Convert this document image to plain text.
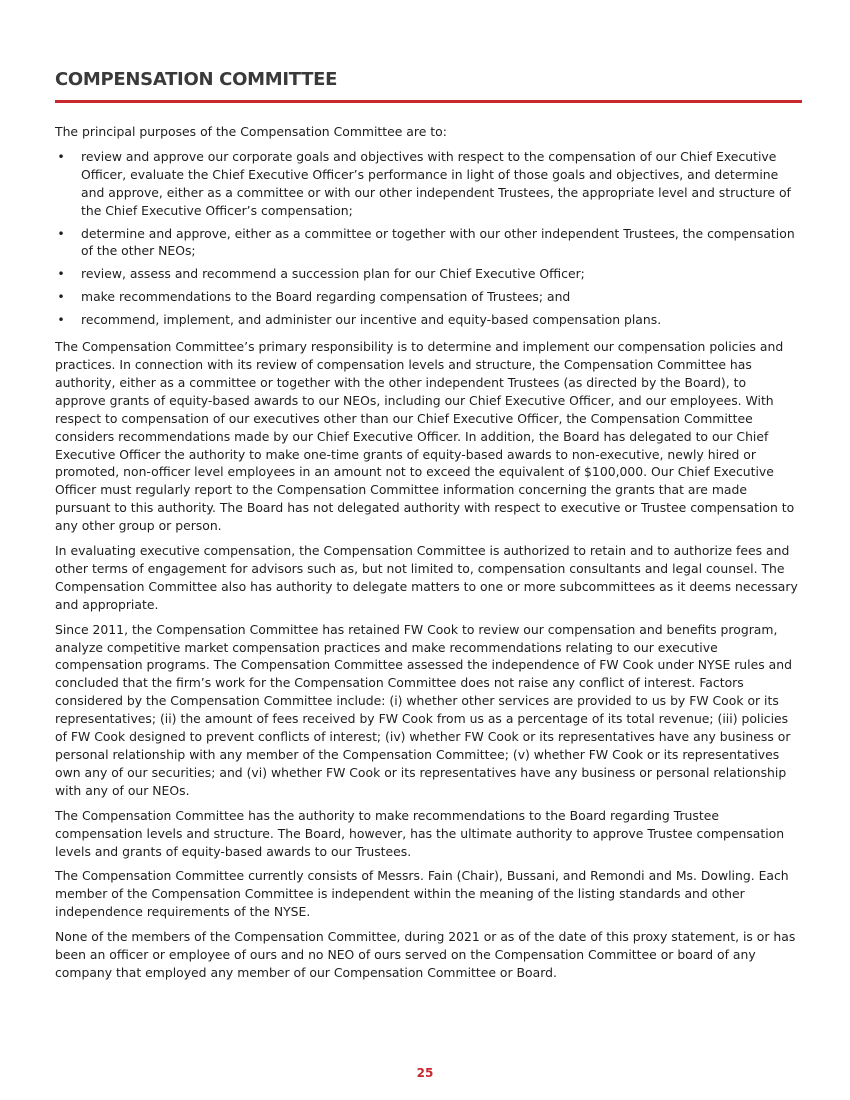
COMPENSATION COMMITTEE

The principal purposes of the Compensation Committee are to:

• review and approve our corporate goals and objectives with respect to the compensation of our Chief Executive Officer, evaluate the Chief Executive Officer’s performance in light of those goals and objectives, and determine and approve, either as a committee or with our other independent Trustees, the appropriate level and structure of the Chief Executive Officer’s compensation;
• determine and approve, either as a committee or together with our other independent Trustees, the compensation of the other NEOs;
• review, assess and recommend a succession plan for our Chief Executive Officer;
• make recommendations to the Board regarding compensation of Trustees; and
• recommend, implement, and administer our incentive and equity-based compensation plans.

The Compensation Committee’s primary responsibility is to determine and implement our compensation policies and practices. In connection with its review of compensation levels and structure, the Compensation Committee has authority, either as a committee or together with the other independent Trustees (as directed by the Board), to approve grants of equity-based awards to our NEOs, including our Chief Executive Officer, and our employees. With respect to compensation of our executives other than our Chief Executive Officer, the Compensation Committee considers recommendations made by our Chief Executive Officer. In addition, the Board has delegated to our Chief Executive Officer the authority to make one-time grants of equity-based awards to non-executive, newly hired or promoted, non-officer level employees in an amount not to exceed the equivalent of $100,000. Our Chief Executive Officer must regularly report to the Compensation Committee information concerning the grants that are made pursuant to this authority. The Board has not delegated authority with respect to executive or Trustee compensation to any other group or person.

In evaluating executive compensation, the Compensation Committee is authorized to retain and to authorize fees and other terms of engagement for advisors such as, but not limited to, compensation consultants and legal counsel. The Compensation Committee also has authority to delegate matters to one or more subcommittees as it deems necessary and appropriate.

Since 2011, the Compensation Committee has retained FW Cook to review our compensation and benefits program, analyze competitive market compensation practices and make recommendations relating to our executive compensation programs. The Compensation Committee assessed the independence of FW Cook under NYSE rules and concluded that the firm’s work for the Compensation Committee does not raise any conflict of interest. Factors considered by the Compensation Committee include: (i) whether other services are provided to us by FW Cook or its representatives; (ii) the amount of fees received by FW Cook from us as a percentage of its total revenue; (iii) policies of FW Cook designed to prevent conflicts of interest; (iv) whether FW Cook or its representatives have any business or personal relationship with any member of the Compensation Committee; (v) whether FW Cook or its representatives own any of our securities; and (vi) whether FW Cook or its representatives have any business or personal relationship with any of our NEOs.

The Compensation Committee has the authority to make recommendations to the Board regarding Trustee compensation levels and structure. The Board, however, has the ultimate authority to approve Trustee compensation levels and grants of equity-based awards to our Trustees.

The Compensation Committee currently consists of Messrs. Fain (Chair), Bussani, and Remondi and Ms. Dowling. Each member of the Compensation Committee is independent within the meaning of the listing standards and other independence requirements of the NYSE.

None of the members of the Compensation Committee, during 2021 or as of the date of this proxy statement, is or has been an officer or employee of ours and no NEO of ours served on the Compensation Committee or board of any company that employed any member of our Compensation Committee or Board.

25
